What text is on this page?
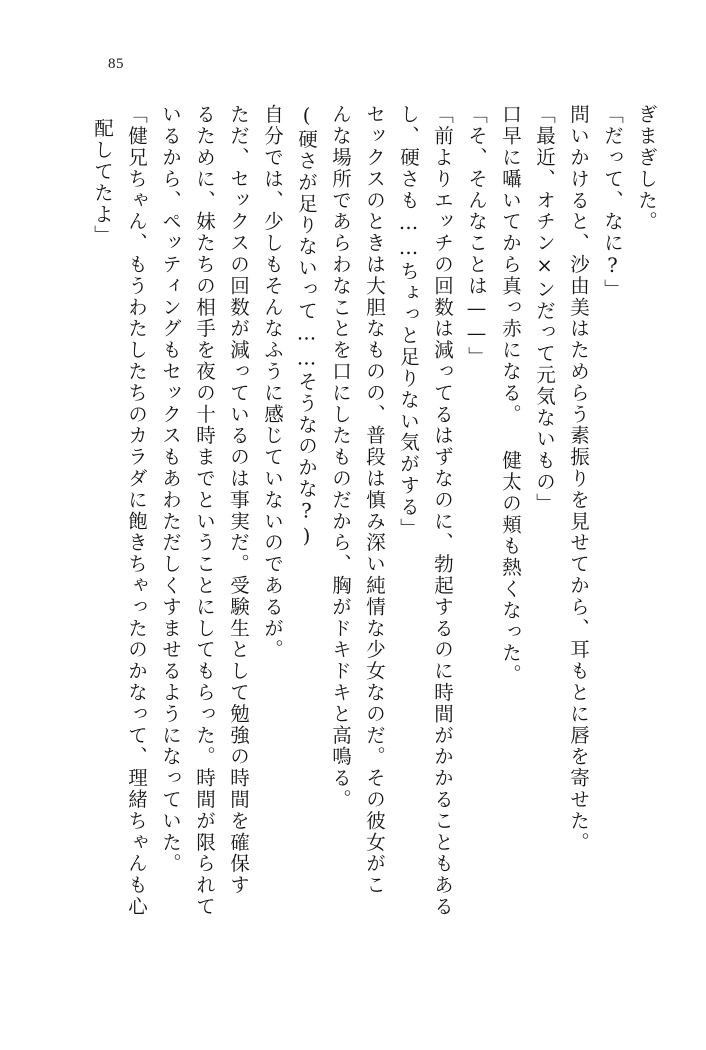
85
ぎまぎした。
「だって、なに?」
問いかけると、沙由美はためらう素振りを見せてから、耳もとに唇を寄せた。
「最近、オチン×ンだって元気ないもの」
口早に囁いてから真っ赤になる。 健太の頬も熱くなった。
「そ、そんなことは——」
「前よりエッチの回数は減ってるはずなのに、勃起するのに時間がかかることもある
し、硬さも……ちょっと足りない気がする」
セックスのときは大胆なものの、普段は慎み深い純情な少女なのだ。その彼女がこ
んな場所であらわなことを口にしたものだから、胸がドキドキと高鳴る。
(硬さが足りないって……そうなのかな?)
自分では、少しもそんなふうに感じていないのであるが。
ただ、セックスの回数が減っているのは事実だ。受験生として勉強の時間を確保す
るために、妹たちの相手を夜の十時までということにしてもらった。時間が限られて
いるから、ペッティングもセックスもあわただしくすませるようになっていた。
「健兄ちゃん、もうわたしたちのカラダに飽きちゃったのかなって、理緒ちゃんも心
配してたよ」
